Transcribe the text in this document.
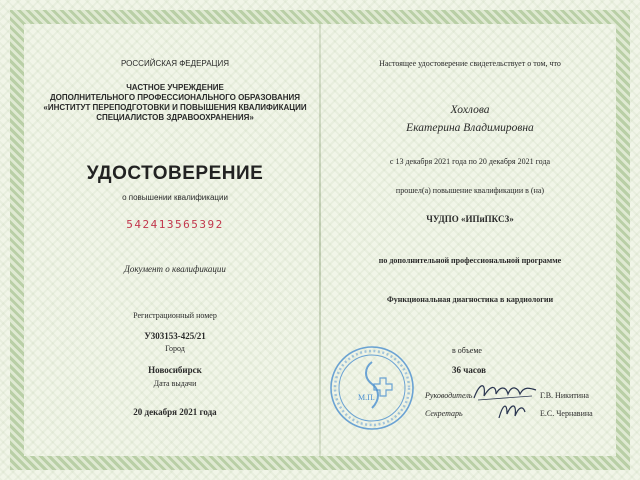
РОССИЙСКАЯ ФЕДЕРАЦИЯ
ЧАСТНОЕ УЧРЕЖДЕНИЕ
ДОПОЛНИТЕЛЬНОГО ПРОФЕССИОНАЛЬНОГО ОБРАЗОВАНИЯ
«ИНСТИТУТ ПЕРЕПОДГОТОВКИ И ПОВЫШЕНИЯ КВАЛИФИКАЦИИ
СПЕЦИАЛИСТОВ ЗДРАВООХРАНЕНИЯ»
УДОСТОВЕРЕНИЕ
о повышении квалификации
542413565392
Документ о квалификации
Регистрационный номер
У303153-425/21
Город
Новосибирск
Дата выдачи
20 декабря 2021 года
Настоящее удостоверение свидетельствует о том, что
Хохлова
Екатерина Владимировна
с 13 декабря 2021 года по 20 декабря 2021 года
прошел(а) повышение квалификации в (на)
ЧУДПО «ИПиПКСЗ»
по дополнительной профессиональной программе
Функциональная диагностика в кардиологии
в объеме
36 часов
Руководитель	Г.В. Никитина
Секретарь	Е.С. Чернавина
М.П.
